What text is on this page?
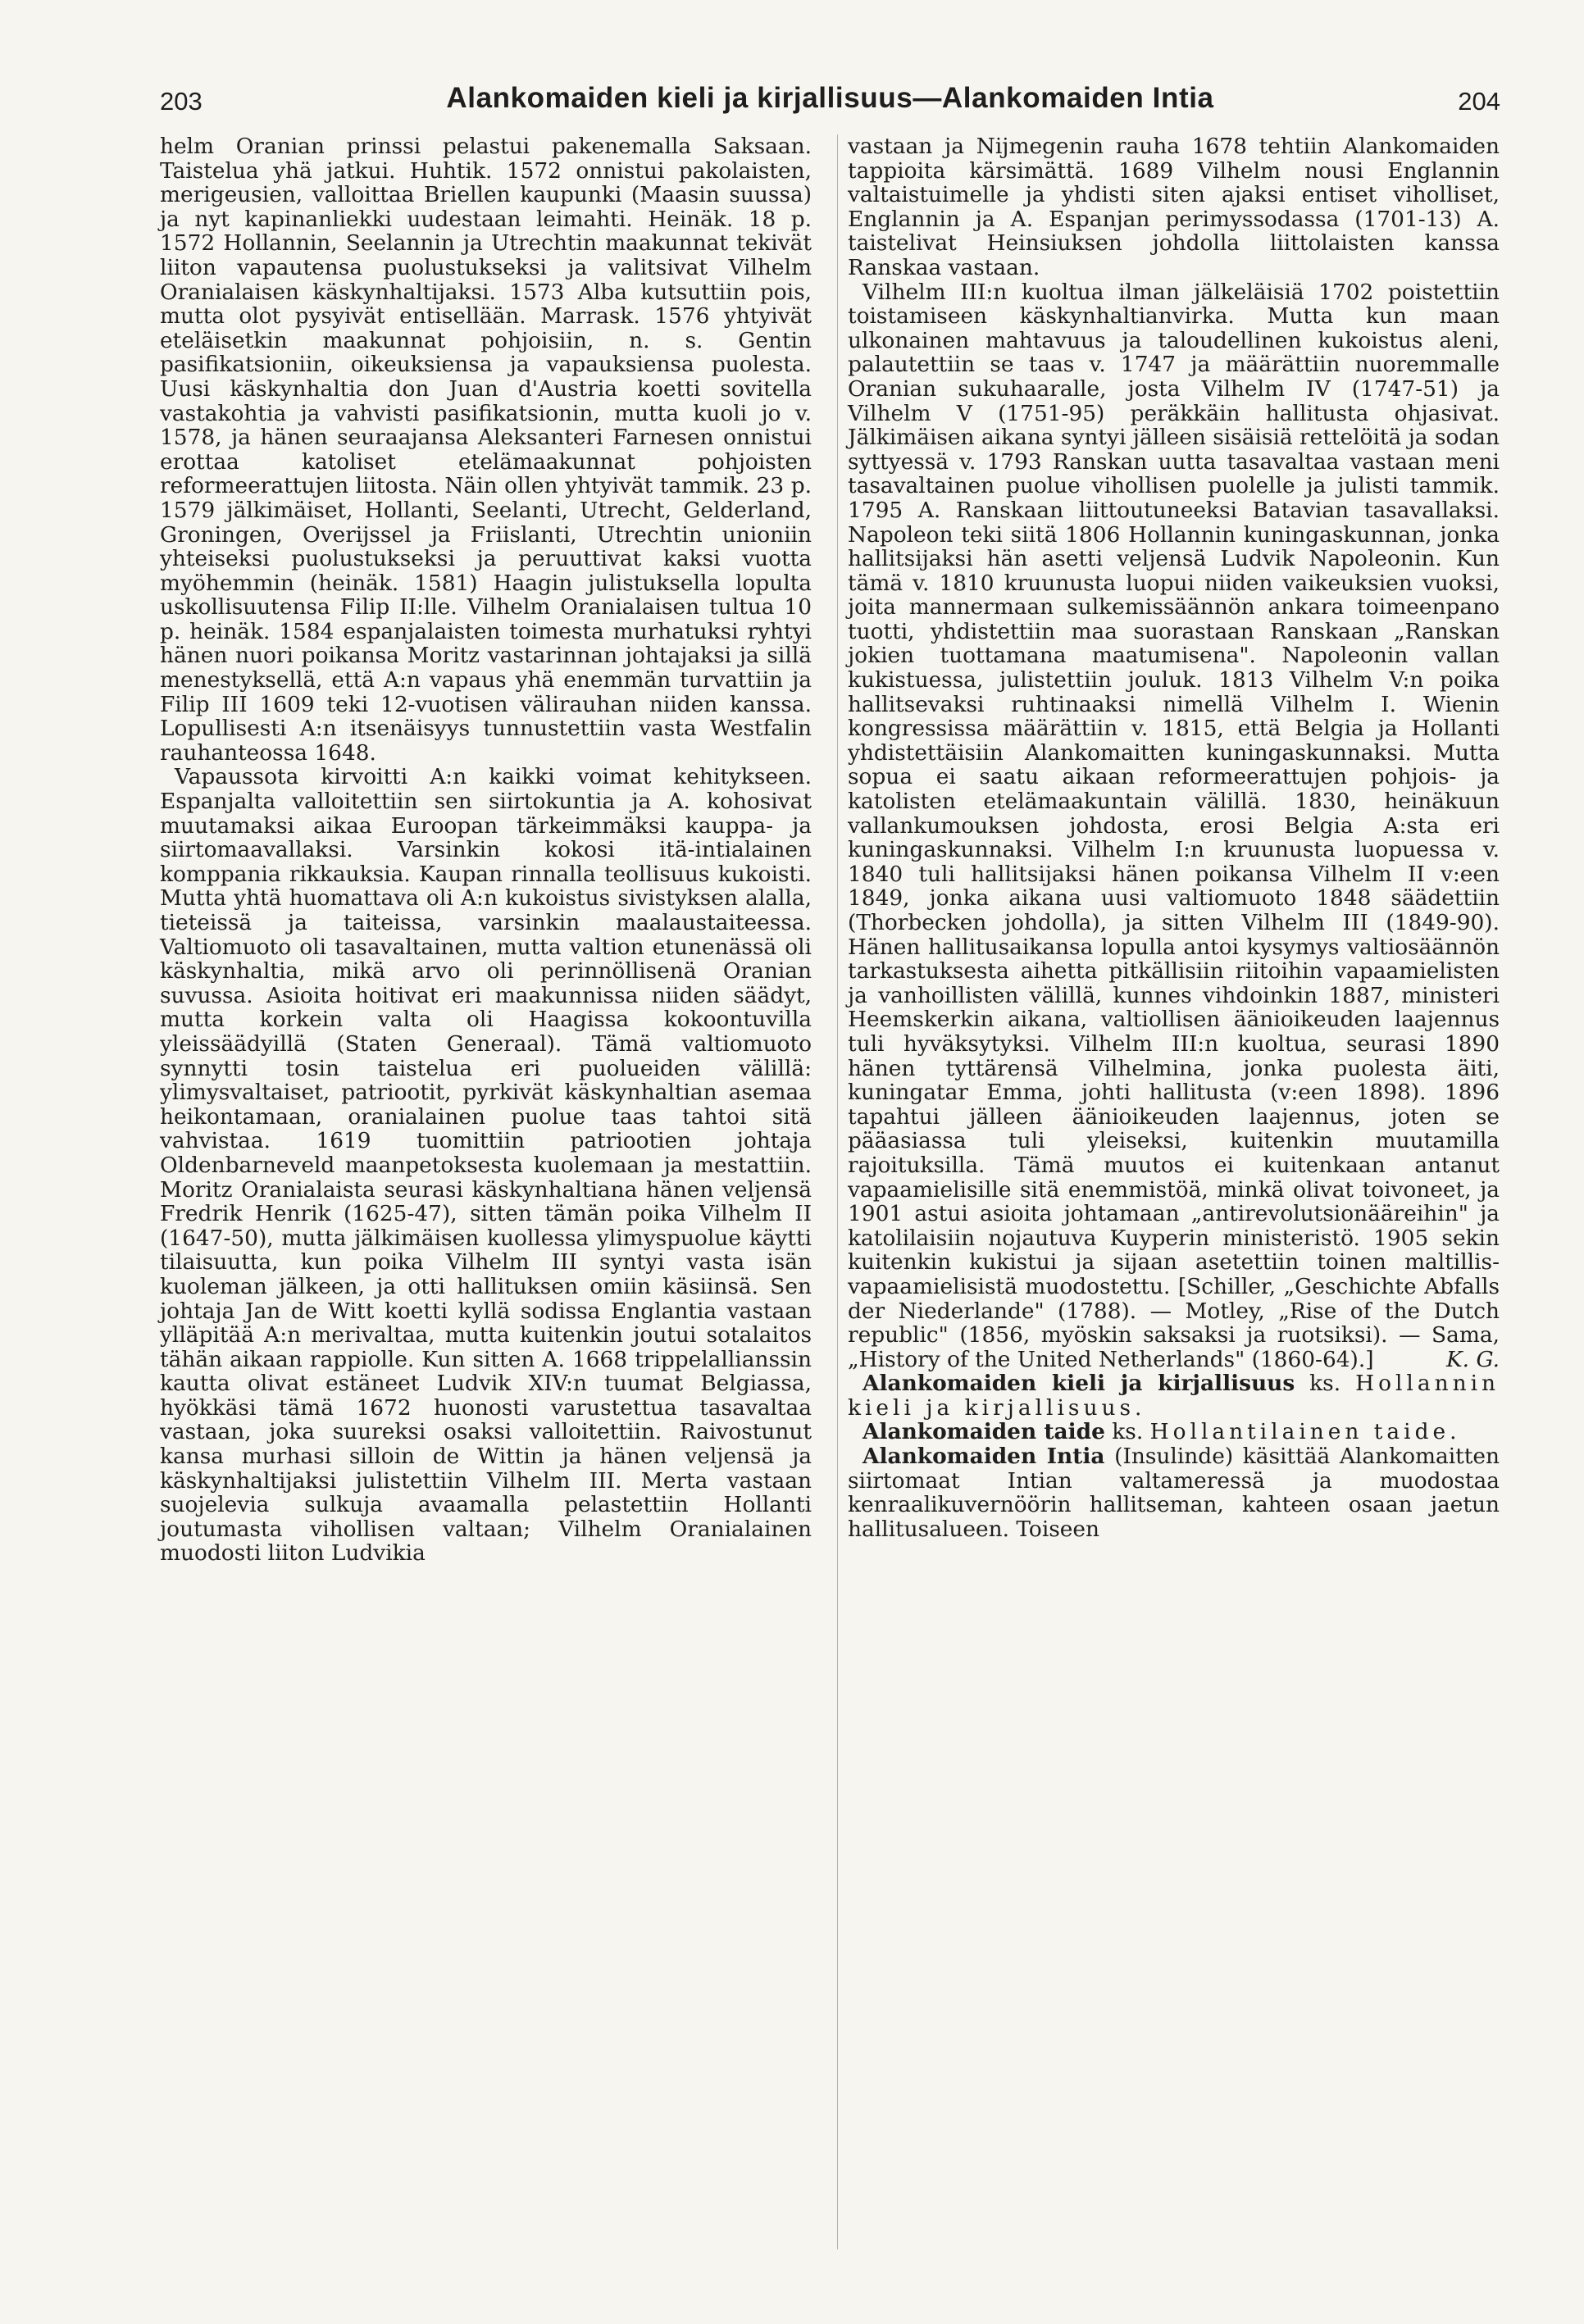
203	Alankomaiden kieli ja kirjallisuus—Alankomaiden Intia	204

helm Oranian prinssi pelastui pakenemalla Saksaan. Taistelua yhä jatkui. Huhtik. 1572 onnistui pakolaisten, merigeusien, valloittaa Briellen kaupunki (Maasin suussa) ja nyt kapinanliekki uudestaan leimahti. Heinäk. 18 p. 1572 Hollannin, Seelannin ja Utrechtin maakunnat tekivät liiton vapautensa puolustukseksi ja valitsivat Vilhelm Oranialaisen käskynhaltijaksi. 1573 Alba kutsuttiin pois, mutta olot pysyivät entisellään. Marrask. 1576 yhtyivät eteläisetkin maakunnat pohjoisiin, n. s. Gentin pasifikatsioniin, oikeuksiensa ja vapauksiensa puolesta. Uusi käskynhaltia don Juan d'Austria koetti sovitella vastakohtia ja vahvisti pasifikatsionin, mutta kuoli jo v. 1578, ja hänen seuraajansa Aleksanteri Farnesen onnistui erottaa katoliset etelämaakunnat pohjoisten reformeerattujen liitosta. Näin ollen yhtyivät tammik. 23 p. 1579 jälkimäiset, Hollanti, Seelanti, Utrecht, Gelderland, Groningen, Overijssel ja Friislanti, Utrechtin unioniin yhteiseksi puolustukseksi ja peruuttivat kaksi vuotta myöhemmin (heinäk. 1581) Haagin julistuksella lopulta uskollisuutensa Filip II:lle. Vilhelm Oranialaisen tultua 10 p. heinäk. 1584 espanjalaisten toimesta murhatuksi ryhtyi hänen nuori poikansa Moritz vastarinnan johtajaksi ja sillä menestyksellä, että A:n vapaus yhä enemmän turvattiin ja Filip III 1609 teki 12-vuotisen välirauhan niiden kanssa. Lopullisesti A:n itsenäisyys tunnustettiin vasta Westfalin rauhanteossa 1648.

Vapaussota kirvoitti A:n kaikki voimat kehitykseen. Espanjalta valloitettiin sen siirtokuntia ja A. kohosivat muutamaksi aikaa Euroopan tärkeimmäksi kauppa- ja siirtomaavallaksi. Varsinkin kokosi itä-intialainen komppania rikkauksia. Kaupan rinnalla teollisuus kukoisti. Mutta yhtä huomattava oli A:n kukoistus sivistyksen alalla, tieteissä ja taiteissa, varsinkin maalaustaiteessa. Valtiomuoto oli tasavaltainen, mutta valtion etunenässä oli käskynhaltia, mikä arvo oli perinnöllisenä Oranian suvussa. Asioita hoitivat eri maakunnissa niiden säädyt, mutta korkein valta oli Haagissa kokoontuvilla yleissäädyillä (Staten Generaal). Tämä valtiomuoto synnytti tosin taistelua eri puolueiden välillä: ylimysvaltaiset, patriootit, pyrkivät käskynhaltian asemaa heikontamaan, oranialainen puolue taas tahtoi sitä vahvistaa. 1619 tuomittiin patriootien johtaja Oldenbarneveld maanpetoksesta kuolemaan ja mestattiin. Moritz Oranialaista seurasi käskynhaltiana hänen veljensä Fredrik Henrik (1625-47), sitten tämän poika Vilhelm II (1647-50), mutta jälkimäisen kuollessa ylimyspuolue käytti tilaisuutta, kun poika Vilhelm III syntyi vasta isän kuoleman jälkeen, ja otti hallituksen omiin käsiinsä. Sen johtaja Jan de Witt koetti kyllä sodissa Englantia vastaan ylläpitää A:n merivaltaa, mutta kuitenkin joutui sotalaitos tähän aikaan rappiolle. Kun sitten A. 1668 trippelallianssin kautta olivat estäneet Ludvik XIV:n tuumat Belgiassa, hyökkäsi tämä 1672 huonosti varustettua tasavaltaa vastaan, joka suureksi osaksi valloitettiin. Raivostunut kansa murhasi silloin de Wittin ja hänen veljensä ja käskynhaltijaksi julistettiin Vilhelm III. Merta vastaan suojelevia sulkuja avaamalla pelastettiin Hollanti joutumasta vihollisen valtaan; Vilhelm Oranialainen muodosti liiton Ludvikia

vastaan ja Nijmegenin rauha 1678 tehtiin Alankomaiden tappioita kärsimättä. 1689 Vilhelm nousi Englannin valtaistuimelle ja yhdisti siten ajaksi entiset viholliset, Englannin ja A. Espanjan perimyssodassa (1701-13) A. taistelivat Heinsiuksen johdolla liittolaisten kanssa Ranskaa vastaan.

Vilhelm III:n kuoltua ilman jälkeläisiä 1702 poistettiin toistamiseen käskynhaltianvirka. Mutta kun maan ulkonainen mahtavuus ja taloudellinen kukoistus aleni, palautettiin se taas v. 1747 ja määrättiin nuoremmalle Oranian sukuhaaralle, josta Vilhelm IV (1747-51) ja Vilhelm V (1751-95) peräkkäin hallitusta ohjasivat. Jälkimäisen aikana syntyi jälleen sisäisiä rettelöitä ja sodan syttyessä v. 1793 Ranskan uutta tasavaltaa vastaan meni tasavaltainen puolue vihollisen puolelle ja julisti tammik. 1795 A. Ranskaan liittoutuneeksi Batavian tasavallaksi. Napoleon teki siitä 1806 Hollannin kuningaskunnan, jonka hallitsijaksi hän asetti veljensä Ludvik Napoleonin. Kun tämä v. 1810 kruunusta luopui niiden vaikeuksien vuoksi, joita mannermaan sulkemissäännön ankara toimeenpano tuotti, yhdistettiin maa suorastaan Ranskaan „Ranskan jokien tuottamana maatumisena". Napoleonin vallan kukistuessa, julistettiin jouluk. 1813 Vilhelm V:n poika hallitsevaksi ruhtinaaksi nimellä Vilhelm I. Wienin kongressissa määrättiin v. 1815, että Belgia ja Hollanti yhdistettäisiin Alankomaitten kuningaskunnaksi. Mutta sopua ei saatu aikaan reformeerattujen pohjois- ja katolisten etelämaakuntain välillä. 1830, heinäkuun vallankumouksen johdosta, erosi Belgia A:sta eri kuningaskunnaksi. Vilhelm I:n kruunusta luopuessa v. 1840 tuli hallitsijaksi hänen poikansa Vilhelm II v:een 1849, jonka aikana uusi valtiomuoto 1848 säädettiin (Thorbecken johdolla), ja sitten Vilhelm III (1849-90). Hänen hallitusaikansa lopulla antoi kysymys valtiosäännön tarkastuksesta aihetta pitkällisiin riitoihin vapaamielisten ja vanhoillisten välillä, kunnes vihdoinkin 1887, ministeri Heemskerkin aikana, valtiollisen äänioikeuden laajennus tuli hyväksytyksi. Vilhelm III:n kuoltua, seurasi 1890 hänen tyttärensä Vilhelmina, jonka puolesta äiti, kuningatar Emma, johti hallitusta (v:een 1898). 1896 tapahtui jälleen äänioikeuden laajennus, joten se pääasiassa tuli yleiseksi, kuitenkin muutamilla rajoituksilla. Tämä muutos ei kuitenkaan antanut vapaamielisille sitä enemmistöä, minkä olivat toivoneet, ja 1901 astui asioita johtamaan „antirevolutsionääreihin" ja katolilaisiin nojautuva Kuyperin ministeristö. 1905 sekin kuitenkin kukistui ja sijaan asetettiin toinen maltillis-vapaamielisistä muodostettu. [Schiller, „Geschichte Abfalls der Niederlande" (1788). — Motley, „Rise of the Dutch republic" (1856, myöskin saksaksi ja ruotsiksi). — Sama, „History of the United Netherlands" (1860-64).]	K. G.

Alankomaiden kieli ja kirjallisuus ks. Hollannin kieli ja kirjallisuus.

Alankomaiden taide ks. Hollantilainen taide.

Alankomaiden Intia (Insulinde) käsittää Alankomaitten siirtomaat Intian valtameressä ja muodostaa kenraalikuvernöörin hallitseman, kahteen osaan jaetun hallitusalueen. Toiseen
